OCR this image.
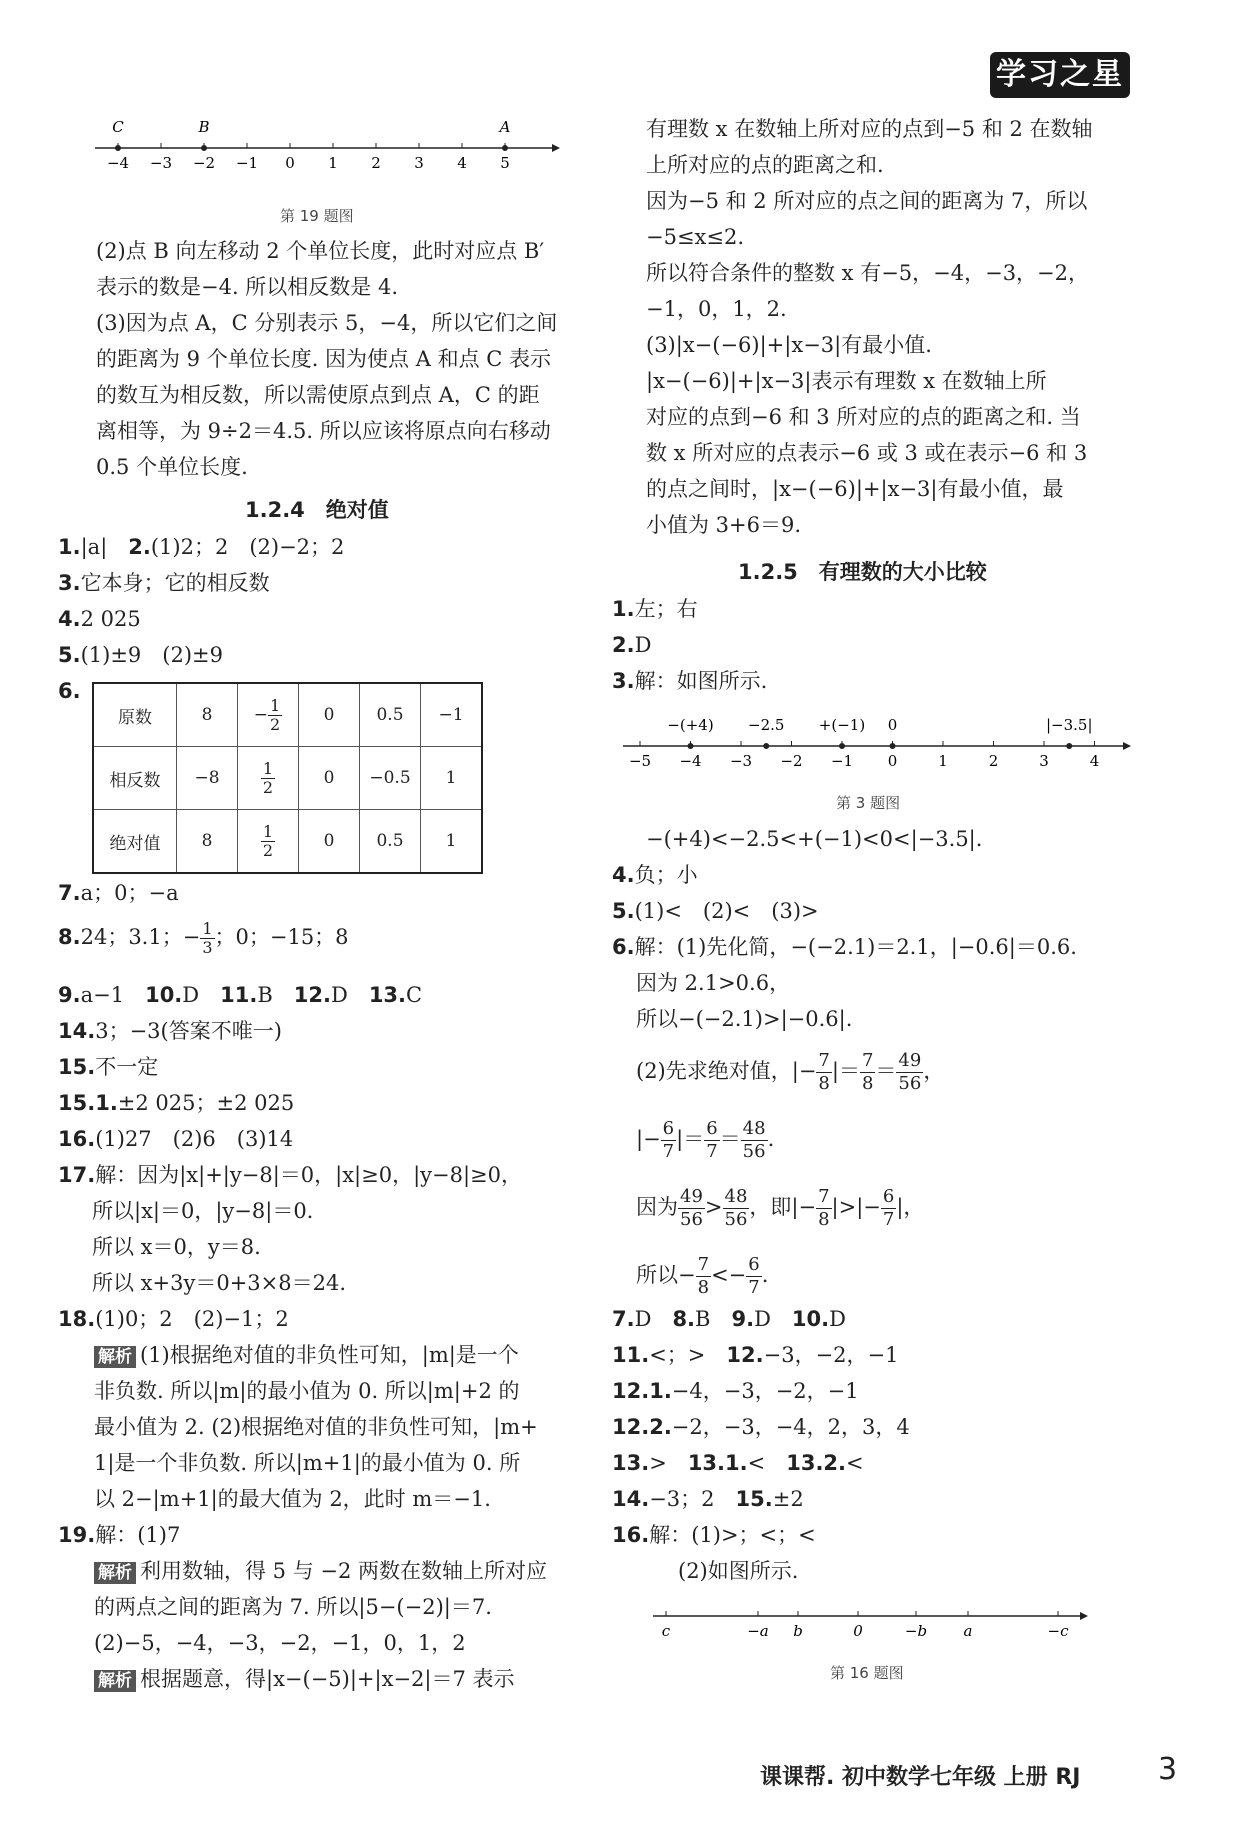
学习之星
−4 −3 −2 −1 0 1 2 3 4 5
C	B	A
第 19 题图
(2)点 B 向左移动 2 个单位长度，此时对应点 B′
表示的数是−4. 所以相反数是 4.
(3)因为点 A，C 分别表示 5，−4，所以它们之间
的距离为 9 个单位长度. 因为使点 A 和点 C 表示
的数互为相反数，所以需使原点到点 A，C 的距
离相等，为 9÷2＝4.5. 所以应该将原点向右移动
0.5 个单位长度.
1.2.4　绝对值
1.|a|　 2.(1)2；2　(2)−2；2
3.它本身；它的相反数
4.2 025
5.(1)±9　(2)±9
6.
原数	8	− $\frac{1}{2}$	0	0.5	−1
相反数	−8	$\frac{1}{2}$	0	−0.5	1
绝对值	8	$\frac{1}{2}$	0	0.5	1
7.a；0；−a
8.24；3.1；− $\frac{1}{3}$ ；0；−15；8
9.a−1　 10.D　 11.B　 12.D　 13.C
14.3；−3(答案不唯一)
15.不一定
15.1.±2 025；±2 025
16.(1)27　(2)6　(3)14
17.解：因为|x|+|y−8|＝0，|x|≥0，|y−8|≥0，
所以|x|＝0，|y−8|＝0.
所以 x＝0，y＝8.
所以 x+3y＝0+3×8＝24.
18.(1)0；2　(2)−1；2
解析 (1)根据绝对值的非负性可知，|m|是一个
非负数. 所以|m|的最小值为 0. 所以|m|+2 的
最小值为 2. (2)根据绝对值的非负性可知，|m+
1|是一个非负数. 所以|m+1|的最小值为 0. 所
以 2−|m+1|的最大值为 2，此时 m＝−1.
19.解：(1)7
解析 利用数轴，得 5 与 −2 两数在数轴上所对应
的两点之间的距离为 7. 所以|5−(−2)|＝7.
(2)−5，−4，−3，−2，−1，0，1，2
解析 根据题意，得|x−(−5)|+|x−2|＝7 表示
有理数 x 在数轴上所对应的点到−5 和 2 在数轴
上所对应的点的距离之和.
因为−5 和 2 所对应的点之间的距离为 7，所以
−5≤x≤2.
所以符合条件的整数 x 有−5，−4，−3，−2，
−1，0，1，2.
(3)|x−(−6)|+|x−3|有最小值.
|x−(−6)|+|x−3|表示有理数 x 在数轴上所
对应的点到−6 和 3 所对应的点的距离之和. 当
数 x 所对应的点表示−6 或 3 或在表示−6 和 3
的点之间时，|x−(−6)|+|x−3|有最小值，最
小值为 3+6＝9.
1.2.5　有理数的大小比较
1.左；右
2.D
3.解：如图所示.
−5 −4 −3 −2 −1 0	1	2	3	4
−(+4) −2.5 +(−1) 0	|−3.5|
第 3 题图
−(+4)<−2.5<+(−1)<0<|−3.5|.
4.负；小
5.(1)<　(2)<　(3)>
6.解：(1)先化简，−(−2.1)＝2.1，|−0.6|＝0.6.
因为 2.1>0.6，
所以−(−2.1)>|−0.6|.
(2)先求绝对值，|− $\frac{7}{8}$ |＝ $\frac{7}{8} = \frac{49}{56}$ ，
|− $\frac{6}{7}$ |＝ $\frac{6}{7} = \frac{48}{56}$ .
因为 $\frac{49}{56} > \frac{48}{56}$ ，即|− $\frac{7}{8}$ |>|− $\frac{6}{7}$ |，
所以− $\frac{7}{8} <- \frac{6}{7}$ .
7.D　 8.B　 9.D　 10.D
11.<；>　 12.−3，−2，−1
12.1.−4，−3，−2，−1
12.2.−2，−3，−4，2，3，4
13.>　 13.1.<　 13.2.<
14.−3；2　 15.±2
16.解：(1)>；<；<
(2)如图所示.
c	−a b	0	−b a	−c
第 16 题图
课课帮. 初中数学七年级 上册 RJ	3
